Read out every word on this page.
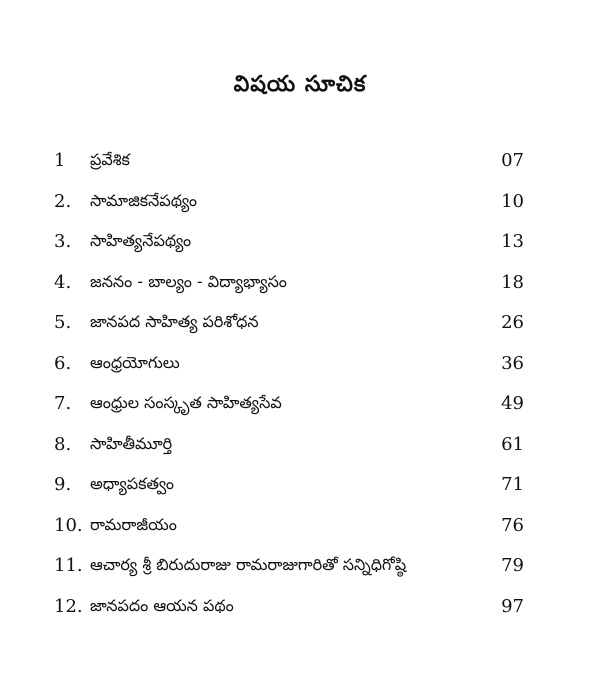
విషయ సూచిక
1 ప్రవేశిక	07
2. సామాజికనేపథ్యం	10
3. సాహిత్యనేపథ్యం	13
4. జననం - బాల్యం - విద్యాభ్యాసం	18
5. జానపద సాహిత్య పరిశోధన	26
6. ఆంధ్రయోగులు	36
7. ఆంధ్రుల సంస్కృత సాహిత్యసేవ	49
8. సాహితీమూర్తి	61
9. అధ్యాపకత్వం	71
10. రామరాజీయం	76
11. ఆచార్య శ్రీ బిరుదురాజు రామరాజుగారితో సన్నిధిగోష్ఠి	79
12. జానపదం ఆయన పథం	97
